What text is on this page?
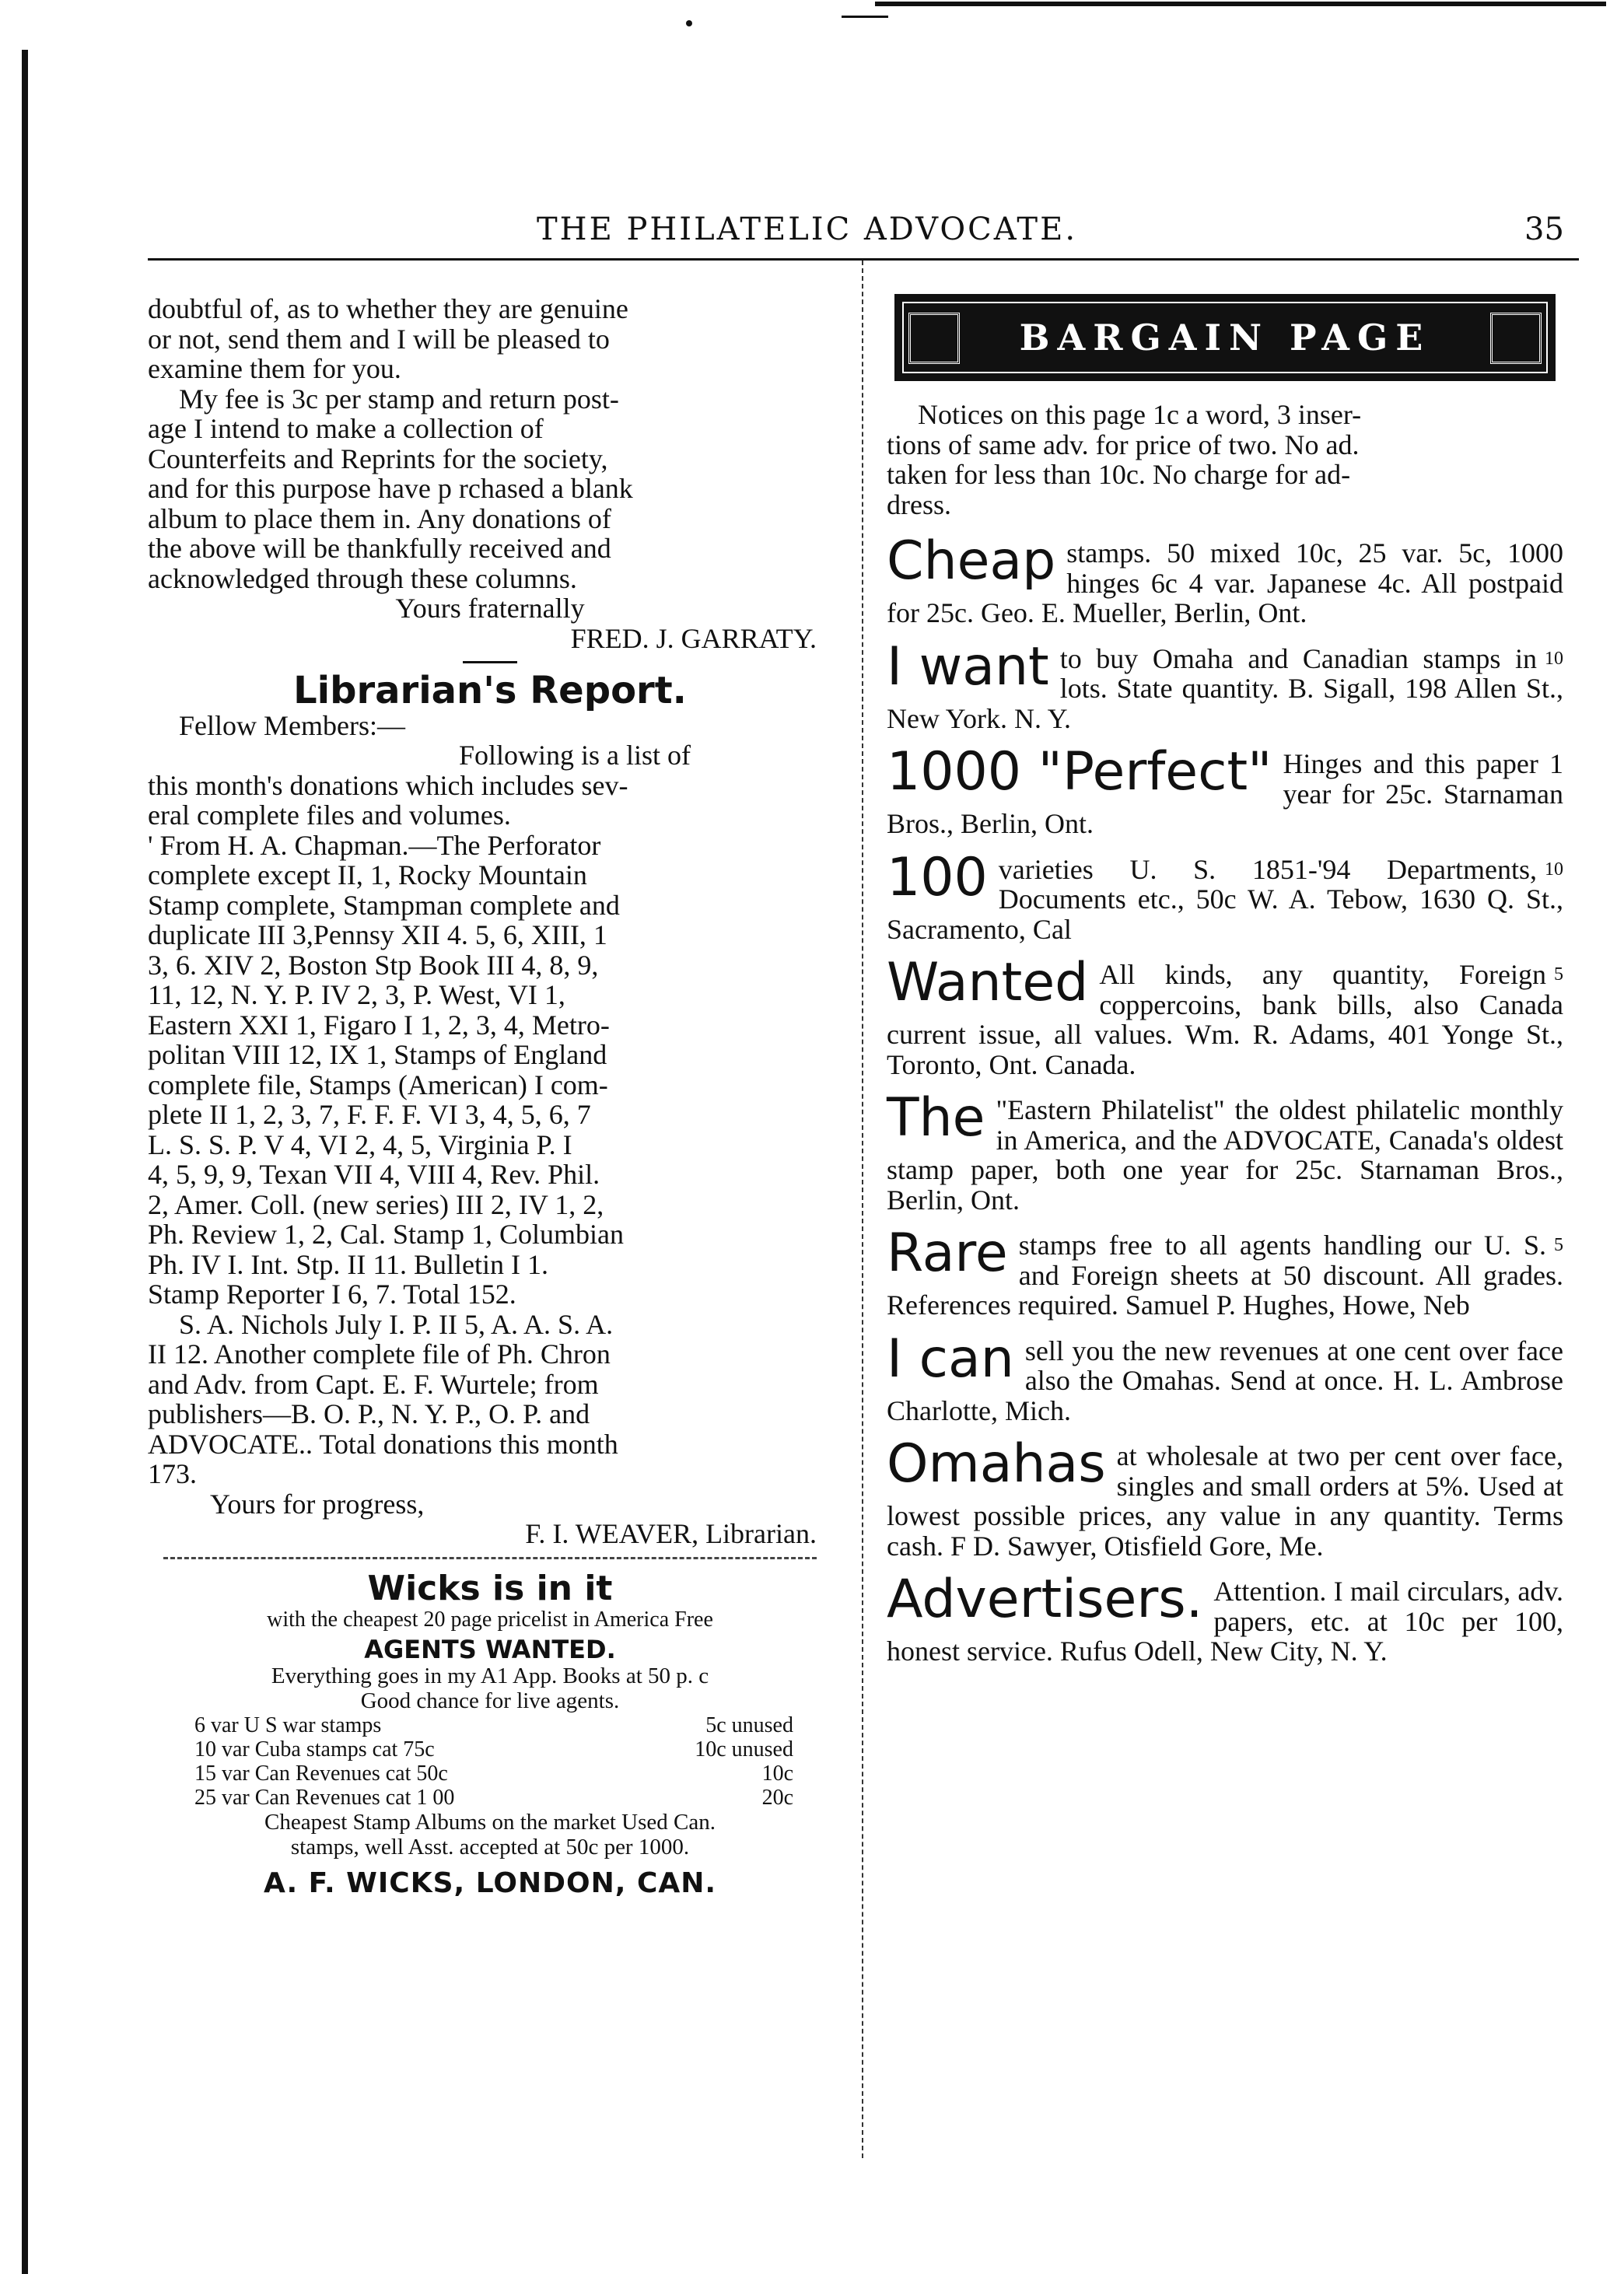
THE PHILATELIC ADVOCATE.	35
doubtful of, as to whether they are genuine
or not, send them and I will be pleased to
examine them for you.
My fee is 3c per stamp and return post-
age I intend to make a collection of
Counterfeits and Reprints for the society,
and for this purpose have p rchased a blank
album to place them in. Any donations of
the above will be thankfully received and
acknowledged through these columns.
Yours fraternally
FRED. J. GARRATY.
Librarian's Report.
Fellow Members:—
Following is a list of
this month's donations which includes sev-
eral complete files and volumes.
' From H. A. Chapman.—The Perforator
complete except II, 1, Rocky Mountain
Stamp complete, Stampman complete and
duplicate III 3,Pennsy XII 4. 5, 6, XIII, 1
3, 6. XIV 2, Boston Stp Book III 4, 8, 9,
11, 12, N. Y. P. IV 2, 3, P. West, VI 1,
Eastern XXI 1, Figaro I 1, 2, 3, 4, Metro-
politan VIII 12, IX 1, Stamps of England
complete file, Stamps (American) I com-
plete II 1, 2, 3, 7, F. F. F. VI 3, 4, 5, 6, 7
L. S. S. P. V 4, VI 2, 4, 5, Virginia P. I
4, 5, 9, 9, Texan VII 4, VIII 4, Rev. Phil.
2, Amer. Coll. (new series) III 2, IV 1, 2,
Ph. Review 1, 2, Cal. Stamp 1, Columbian
Ph. IV I. Int. Stp. II 11. Bulletin I 1.
Stamp Reporter I 6, 7. Total 152.
S. A. Nichols July I. P. II 5, A. A. S. A.
II 12. Another complete file of Ph. Chron
and Adv. from Capt. E. F. Wurtele; from
publishers—B. O. P., N. Y. P., O. P. and
ADVOCATE.. Total donations this month
173.
Yours for progress,
F. I. WEAVER, Librarian.
Wicks is in it
with the cheapest 20 page pricelist in America Free
AGENTS WANTED.
Everything goes in my A1 App. Books at 50 p. c
Good chance for live agents.
6 var U S war stamps	5c unused
10 var Cuba stamps cat 75c	10c unused
15 var Can Revenues cat 50c	10c
25 var Can Revenues cat 1 00	20c
Cheapest Stamp Albums on the market Used Can.
stamps, well Asst. accepted at 50c per 1000.
A. F. WICKS, LONDON, CAN.
BARGAIN PAGE
Notices on this page 1c a word, 3 inser-
tions of same adv. for price of two. No ad.
taken for less than 10c. No charge for ad-
dress.
Cheap stamps. 50 mixed 10c, 25 var. 5c, 1000 hinges 6c 4 var. Japanese 4c. All postpaid for 25c. Geo. E. Mueller, Berlin, Ont.
I want	10
to buy Omaha and Canadian stamps in lots. State quantity. B. Sigall, 198 Allen St., New York. N. Y.
1000 "Perfect" Hinges and this paper 1 year for 25c. Starnaman Bros., Berlin, Ont.
100	10
varieties U. S. 1851-'94 Departments, Documents etc., 50c W. A. Tebow, 1630 Q. St., Sacramento, Cal
Wanted	5
All kinds, any quantity, Foreign coppercoins, bank bills, also Canada current issue, all values. Wm. R. Adams, 401 Yonge St., Toronto, Ont. Canada.
The "Eastern Philatelist" the oldest philatelic monthly in America, and the ADVOCATE, Canada's oldest stamp paper, both one year for 25c. Starnaman Bros., Berlin, Ont.
Rare	5
stamps free to all agents handling our U. S. and Foreign sheets at 50 discount. All grades. References required. Samuel P. Hughes, Howe, Neb
I can sell you the new revenues at one cent over face also the Omahas. Send at once. H. L. Ambrose Charlotte, Mich.
Omahas at wholesale at two per cent over face, singles and small orders at 5%. Used at lowest possible prices, any value in any quantity. Terms cash. F D. Sawyer, Otisfield Gore, Me.
Advertisers. Attention. I mail circulars, adv. papers, etc. at 10c per 100, honest service. Rufus Odell, New City, N. Y.
